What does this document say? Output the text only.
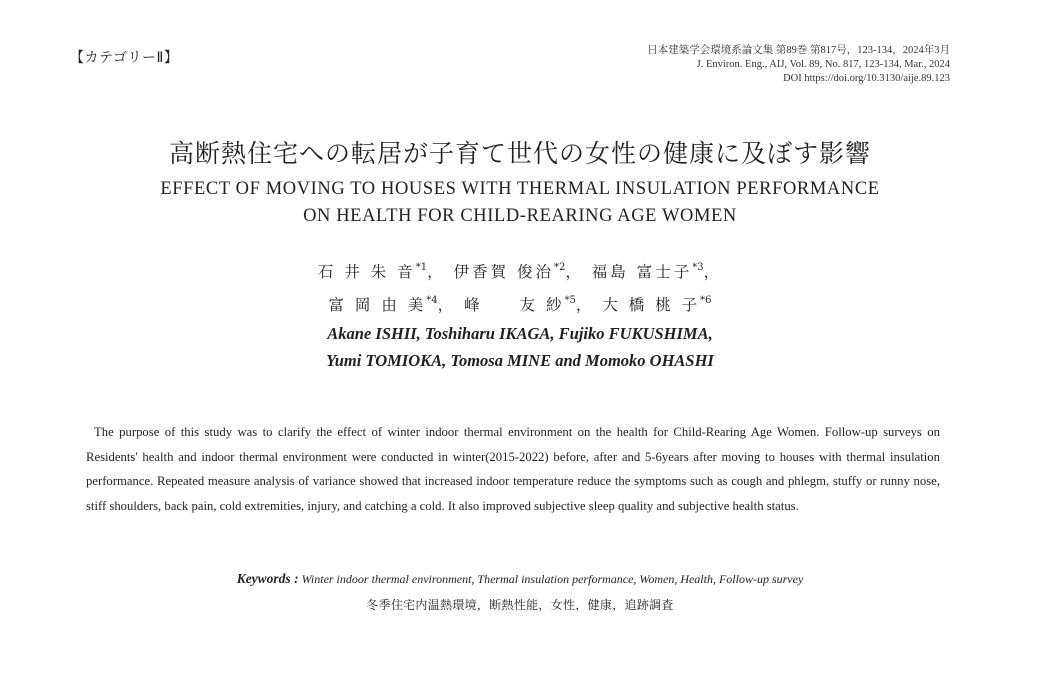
【カテゴリーⅡ】	日本建築学会環境系論文集 第89巻 第817号，123-134，2024年3月
J. Environ. Eng., AIJ, Vol. 89, No. 817, 123-134, Mar., 2024
DOI https://doi.org/10.3130/aije.89.123
高断熱住宅への転居が子育て世代の女性の健康に及ぼす影響
EFFECT OF MOVING TO HOUSES WITH THERMAL INSULATION PERFORMANCE
ON HEALTH FOR CHILD-REARING AGE WOMEN
石 井 朱 音$^{*1}$， 伊香賀 俊治$^{*2}$， 福島 富士子$^{*3}$，
富 岡 由 美$^{*4}$， 峰　　友 紗$^{*5}$， 大 橋 桃 子$^{*6}$
Akane ISHII, Toshiharu IKAGA, Fujiko FUKUSHIMA,
Yumi TOMIOKA, Tomosa MINE and Momoko OHASHI
The purpose of this study was to clarify the effect of winter indoor thermal environment on the health for Child-Rearing Age Women. Follow-up surveys on Residents' health and indoor thermal environment were conducted in winter(2015-2022) before, after and 5-6years after moving to houses with thermal insulation performance. Repeated measure analysis of variance showed that increased indoor temperature reduce the symptoms such as cough and phlegm, stuffy or runny nose, stiff shoulders, back pain, cold extremities, injury, and catching a cold. It also improved subjective sleep quality and subjective health status.
Keywords : Winter indoor thermal environment, Thermal insulation performance, Women, Health, Follow-up survey
冬季住宅内温熱環境，断熱性能，女性，健康，追跡調査
